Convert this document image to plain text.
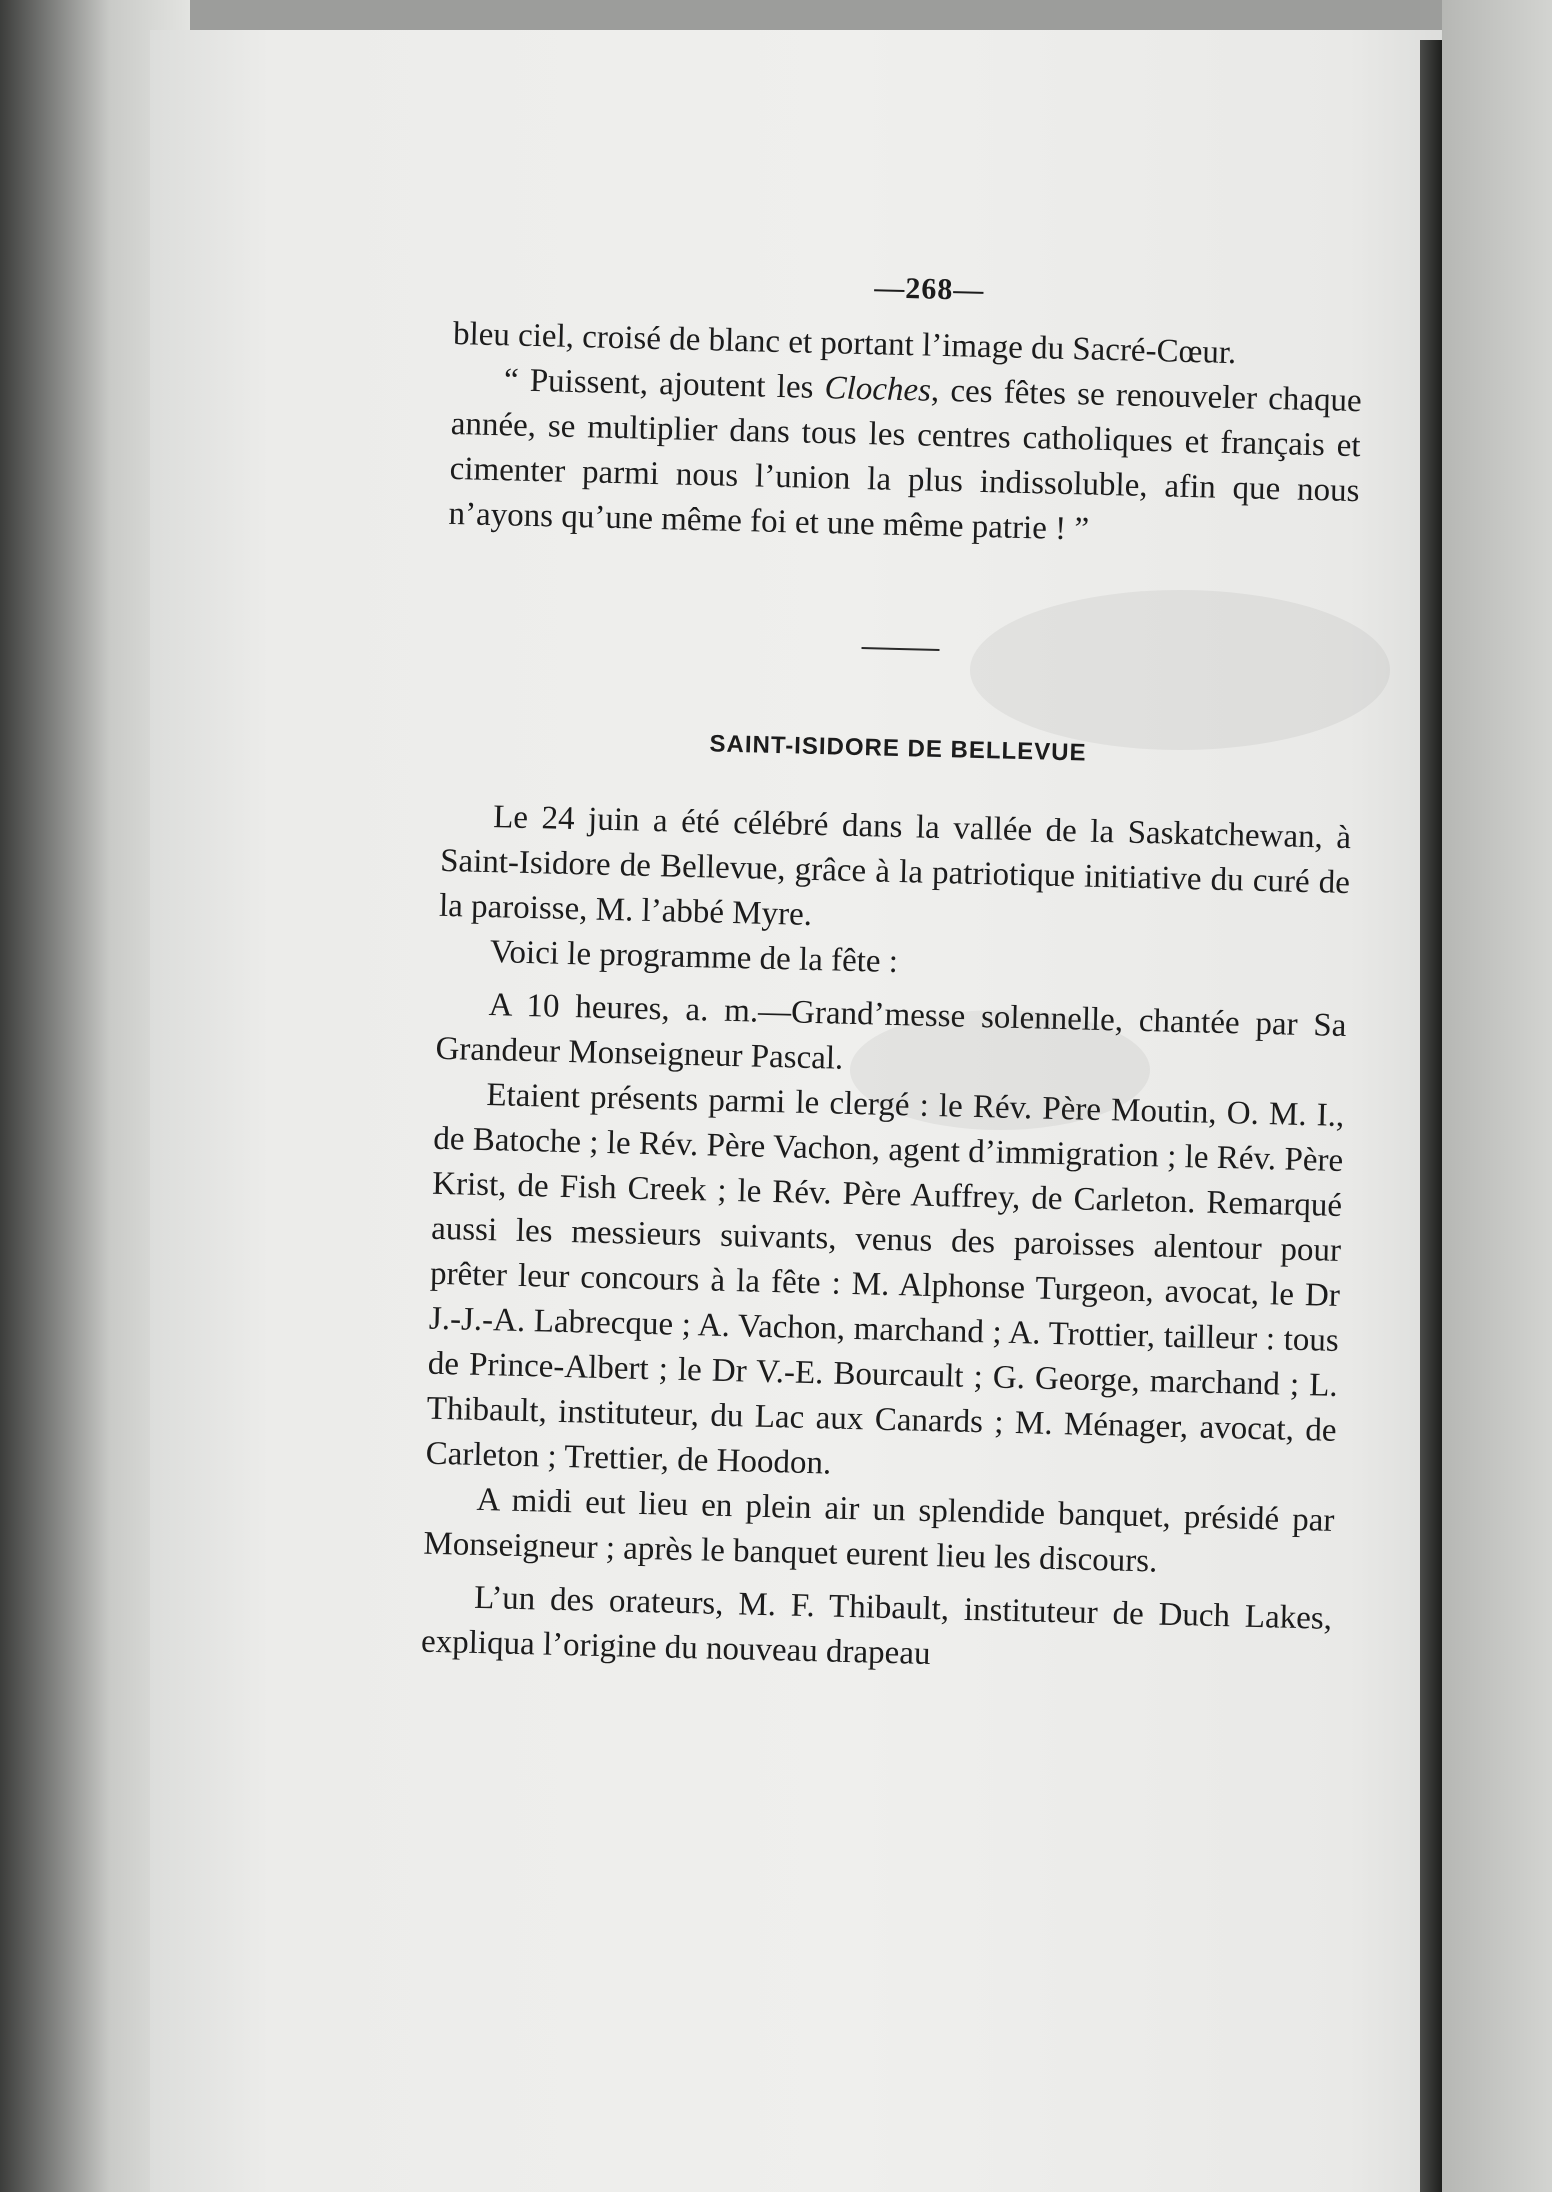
—268—

bleu ciel, croisé de blanc et portant l’image du Sacré-Cœur.

“ Puissent, ajoutent les Cloches, ces fêtes se renouveler chaque année, se multiplier dans tous les centres catholiques et français et cimenter parmi nous l’union la plus indissoluble, afin que nous n’ayons qu’une même foi et une même patrie ! ”

SAINT-ISIDORE DE BELLEVUE

Le 24 juin a été célébré dans la vallée de la Saskatchewan, à Saint-Isidore de Bellevue, grâce à la patriotique initiative du curé de la paroisse, M. l’abbé Myre.

Voici le programme de la fête :

A 10 heures, a. m.—Grand’messe solennelle, chantée par Sa Grandeur Monseigneur Pascal.

Etaient présents parmi le clergé : le Rév. Père Moutin, O. M. I., de Batoche ; le Rév. Père Vachon, agent d’immigration ; le Rév. Père Krist, de Fish Creek ; le Rév. Père Auffrey, de Carleton. Remarqué aussi les messieurs suivants, venus des paroisses alentour pour prêter leur concours à la fête : M. Alphonse Turgeon, avocat, le Dr J.-J.-A. Labrecque ; A. Vachon, marchand ; A. Trottier, tailleur : tous de Prince-Albert ; le Dr V.-E. Bourcault ; G. George, marchand ; L. Thibault, instituteur, du Lac aux Canards ; M. Ménager, avocat, de Carleton ; Trettier, de Hoodon.

A midi eut lieu en plein air un splendide banquet, présidé par Monseigneur ; après le banquet eurent lieu les discours.

L’un des orateurs, M. F. Thibault, instituteur de Duch Lakes, expliqua l’origine du nouveau drapeau
